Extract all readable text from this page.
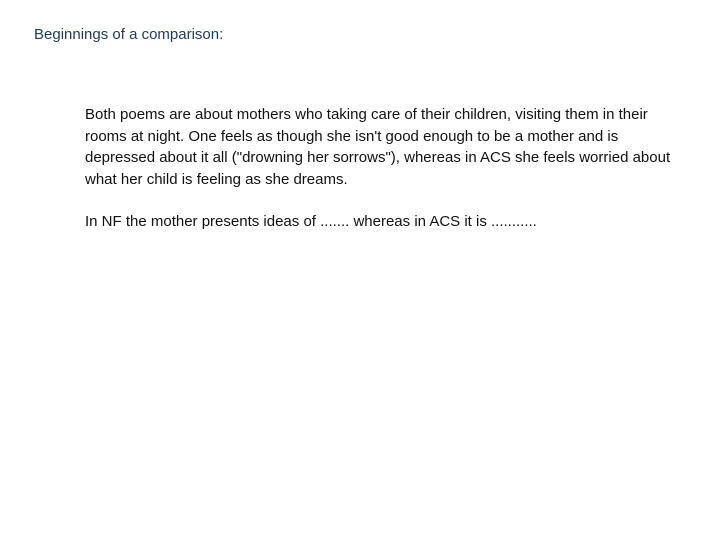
Beginnings of a comparison:

Both poems are about mothers who taking care of their children, visiting them in their rooms at night. One feels as though she isn't good enough to be a mother and is depressed about it all ("drowning her sorrows"), whereas in ACS she feels worried about what her child is feeling as she dreams.

In NF the mother presents ideas of ....... whereas in ACS it is ...........
